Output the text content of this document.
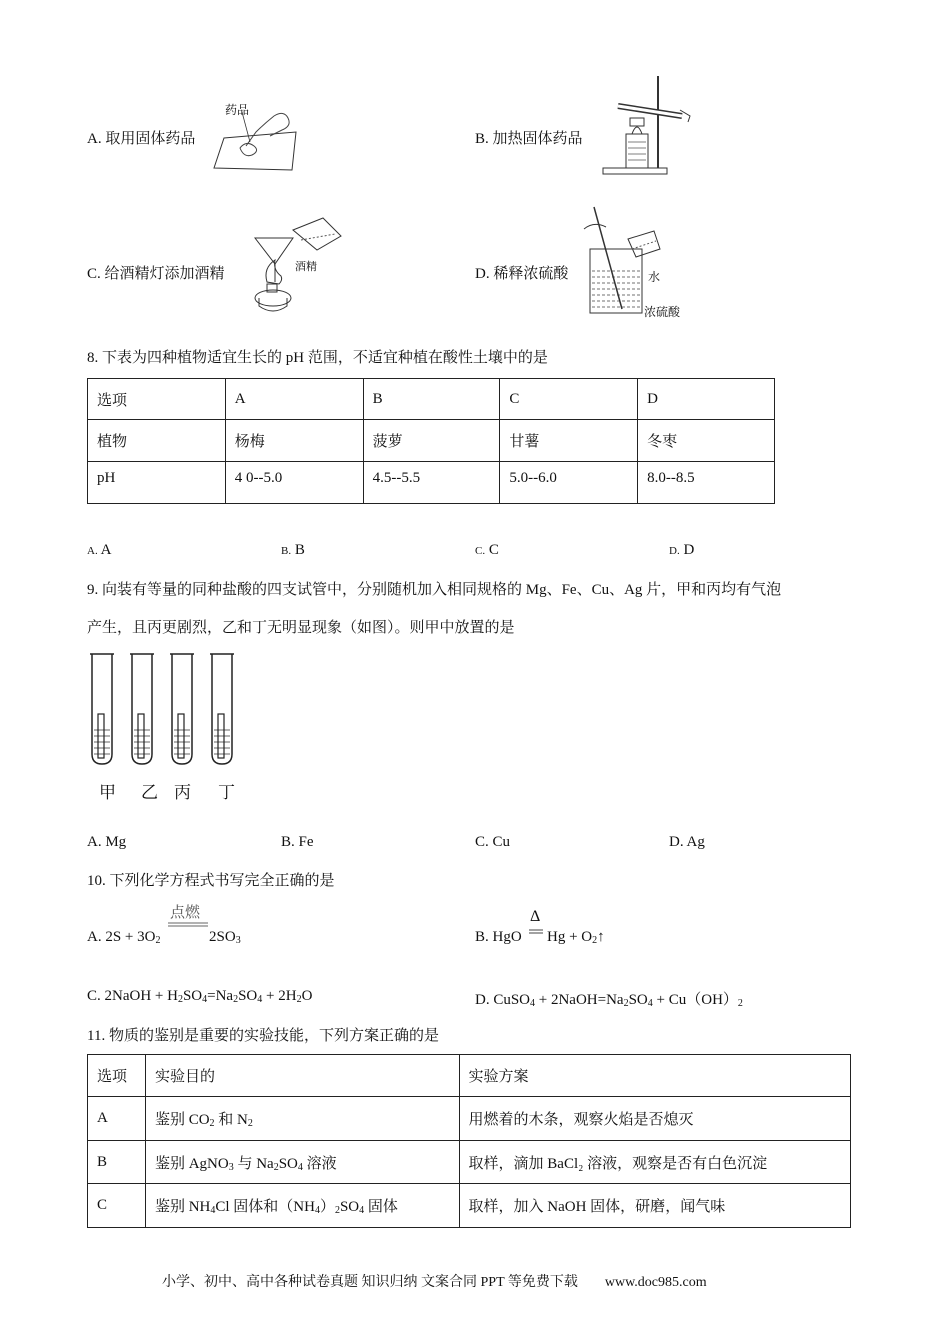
A. 取用固体药品
药品
B. 加热固体药品
C. 给酒精灯添加酒精	酒精	D. 稀释浓硫酸	水
浓硫酸
8. 下表为四种植物适宜生长的 pH 范围，不适宜种植在酸性土壤中的是
选项	A	B	C	D
植物	杨梅	菠萝	甘薯	冬枣
pH	4 0--5.0	4.5--5.5	5.0--6.0	8.0--8.5
A. A	B. B	C. C	D. D
9. 向装有等量的同种盐酸的四支试管中，分别随机加入相同规格的 Mg、Fe、Cu、Ag 片，甲和丙均有气泡
产生，且丙更剧烈，乙和丁无明显现象（如图）。则甲中放置的是
甲 乙 丙 丁
A. Mg	B. Fe	C. Cu	D. Ag
10. 下列化学方程式书写完全正确的是
A. $2S + 3O_2$
点燃
$2SO_3$	B. HgO
Δ
$Hg + O_2↑$
C. 2NaOH + $H_2SO_4=Na_2SO_4 + 2H_2O$	D. CuSO$_4$ + $2NaOH=Na_2SO_4 + Cu(OH)_2$
11. 物质的鉴别是重要的实验技能，下列方案正确的是
选项	实验目的	实验方案
A	鉴别 $CO_2$ 和 $N_2$	用燃着的木条，观察火焰是否熄灭
B	鉴别 AgNO$_3$ 与 $Na_2SO_4$ 溶液	取样，滴加 BaCl₂ 溶液，观察是否有白色沉淀
C	鉴别 $NH_4Cl$ 固体和$(NH_4)_2SO_4$ 固体	取样，加入 NaOH 固体，研磨，闻气味
小学、初中、高中各种试卷真题 知识归纳 文案合同 PPT 等免费下载 www.doc985.com
